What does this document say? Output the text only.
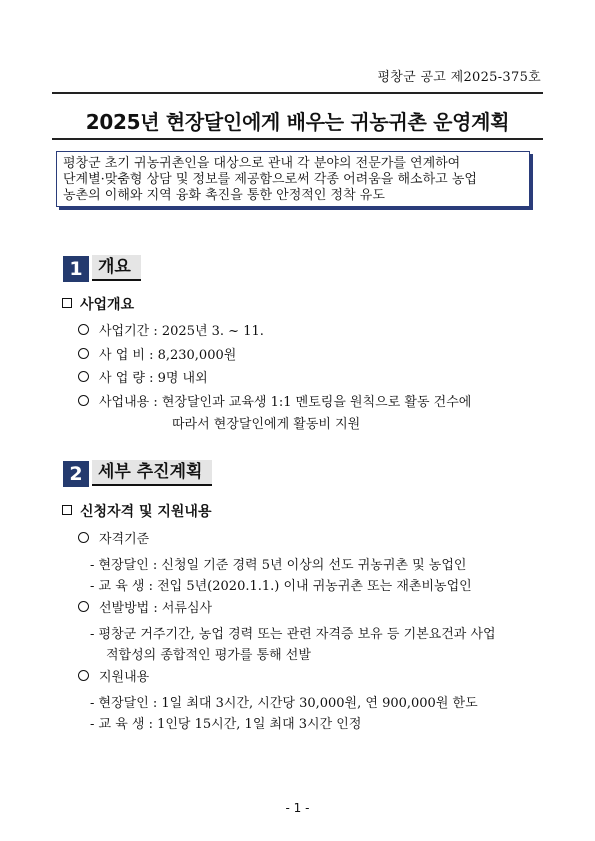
평창군 공고 제2025-375호
2025년 현장달인에게 배우는 귀농귀촌 운영계획
평창군 초기 귀농귀촌인을 대상으로 관내 각 분야의 전문가를 연계하여
단계별·맞춤형 상담 및 정보를 제공함으로써 각종 어려움을 해소하고 농업
농촌의 이해와 지역 융화 촉진을 통한 안정적인 정착 유도
1 개요
사업개요
사업기간 : 2025년 3. ~ 11.
사 업 비 : 8,230,000원
사 업 량 : 9명 내외
사업내용 : 현장달인과 교육생 1:1 멘토링을 원칙으로 활동 건수에
따라서 현장달인에게 활동비 지원
2 세부 추진계획
신청자격 및 지원내용
자격기준
- 현장달인 : 신청일 기준 경력 5년 이상의 선도 귀농귀촌 및 농업인
- 교 육 생 : 전입 5년(2020.1.1.) 이내 귀농귀촌 또는 재촌비농업인
선발방법 : 서류심사
- 평창군 거주기간, 농업 경력 또는 관련 자격증 보유 등 기본요건과 사업
적합성의 종합적인 평가를 통해 선발
지원내용
- 현장달인 : 1일 최대 3시간, 시간당 30,000원, 연 900,000원 한도
- 교 육 생 : 1인당 15시간, 1일 최대 3시간 인정
- 1 -
